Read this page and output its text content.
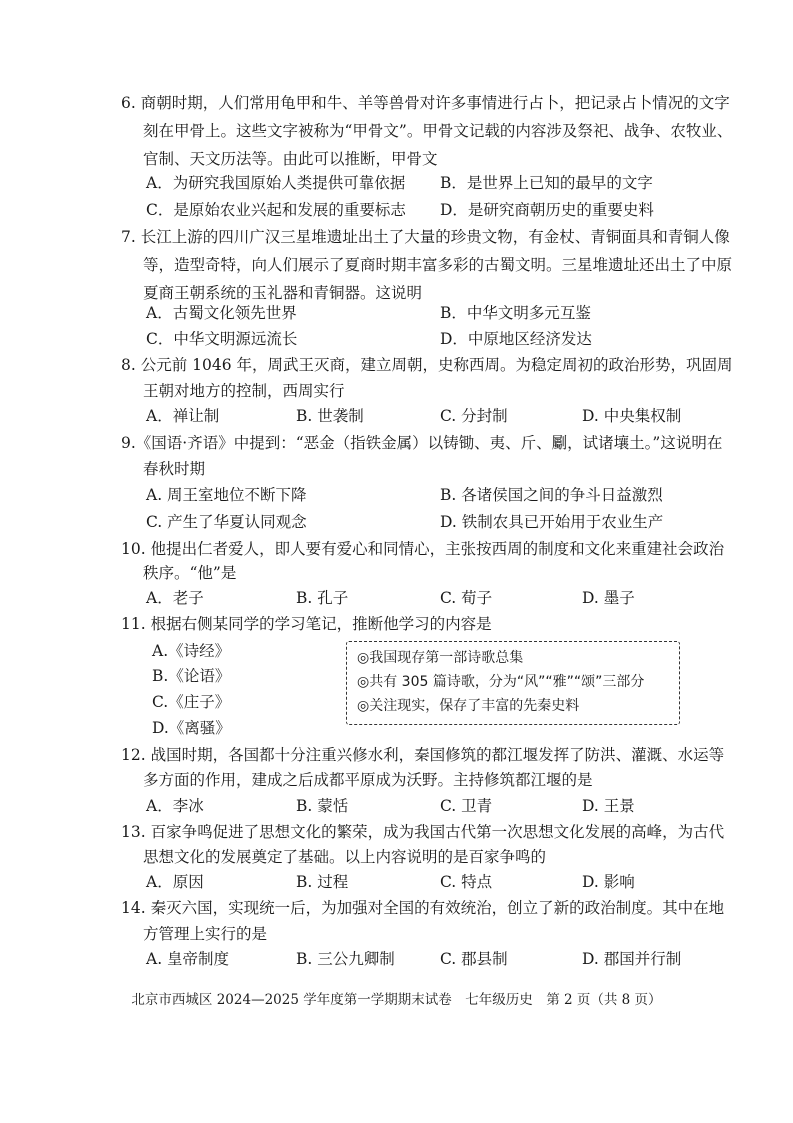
6. 商朝时期，人们常用龟甲和牛、羊等兽骨对许多事情进行占卜，把记录占卜情况的文字
刻在甲骨上。这些文字被称为“甲骨文”。甲骨文记载的内容涉及祭祀、战争、农牧业、
官制、天文历法等。由此可以推断，甲骨文
A．为研究我国原始人类提供可靠依据 B．是世界上已知的最早的文字
C．是原始农业兴起和发展的重要标志 D．是研究商朝历史的重要史料
7. 长江上游的四川广汉三星堆遗址出土了大量的珍贵文物，有金杖、青铜面具和青铜人像
等，造型奇特，向人们展示了夏商时期丰富多彩的古蜀文明。三星堆遗址还出土了中原
夏商王朝系统的玉礼器和青铜器。这说明
A．古蜀文化领先世界	B．中华文明多元互鉴
C．中华文明源远流长	D．中原地区经济发达
8. 公元前 1046 年，周武王灭商，建立周朝，史称西周。为稳定周初的政治形势，巩固周
王朝对地方的控制，西周实行
A．禅让制	B. 世袭制	C. 分封制	D. 中央集权制
9.《国语·齐语》中提到：“恶金（指铁金属）以铸锄、夷、斤、劚，试诸壤土。”这说明在
春秋时期
A. 周王室地位不断下降	B. 各诸侯国之间的争斗日益激烈
C. 产生了华夏认同观念	D. 铁制农具已开始用于农业生产
10. 他提出仁者爱人，即人要有爱心和同情心，主张按西周的制度和文化来重建社会政治
秩序。“他”是
A．老子	B. 孔子	C. 荀子	D. 墨子
11. 根据右侧某同学的学习笔记，推断他学习的内容是
A.《诗经》
B.《论语》
C.《庄子》
D.《离骚》
◎我国现存第一部诗歌总集
◎共有 305 篇诗歌，分为“风”“雅”“颂”三部分
◎关注现实，保存了丰富的先秦史料
12. 战国时期，各国都十分注重兴修水利，秦国修筑的都江堰发挥了防洪、灌溉、水运等
多方面的作用，建成之后成都平原成为沃野。主持修筑都江堰的是
A．李冰	B. 蒙恬	C. 卫青	D. 王景
13. 百家争鸣促进了思想文化的繁荣，成为我国古代第一次思想文化发展的高峰，为古代
思想文化的发展奠定了基础。以上内容说明的是百家争鸣的
A．原因	B. 过程	C. 特点	D. 影响
14. 秦灭六国，实现统一后，为加强对全国的有效统治，创立了新的政治制度。其中在地
方管理上实行的是
A. 皇帝制度	B. 三公九卿制	C. 郡县制	D. 郡国并行制
北京市西城区 2024—2025 学年度第一学期期末试卷　七年级历史　第 2 页（共 8 页）
